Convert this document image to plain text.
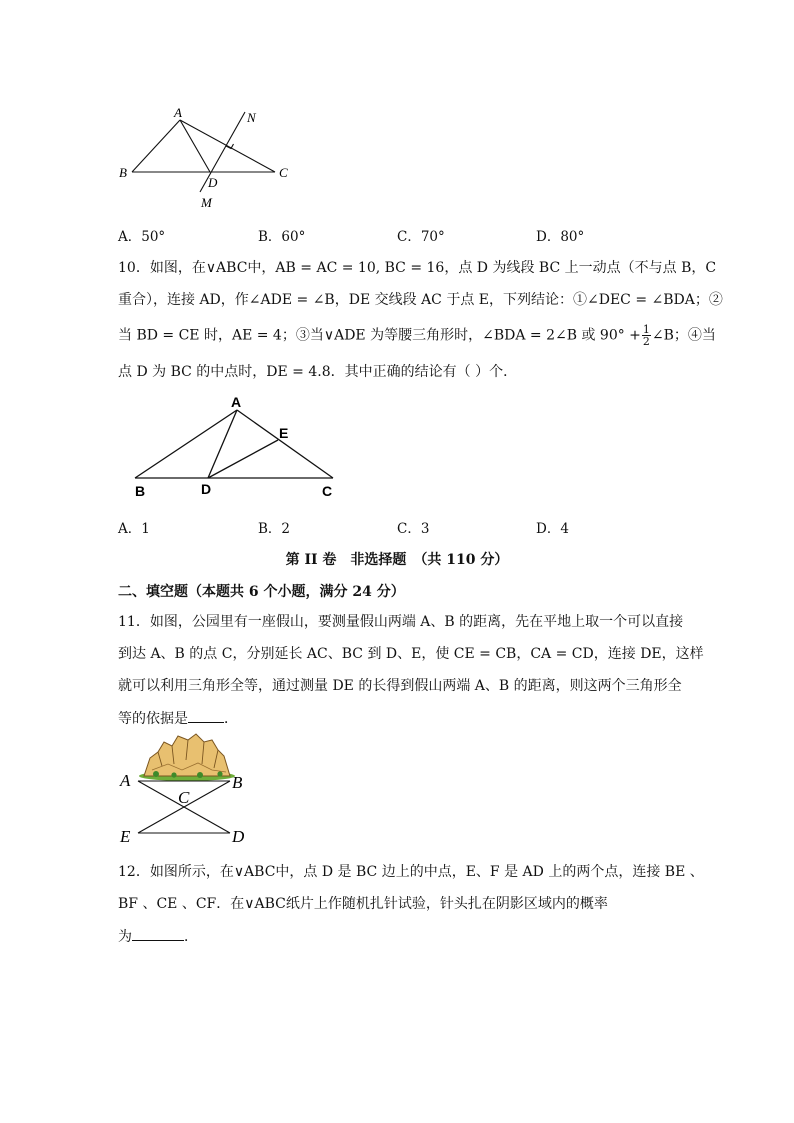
A
B	C
D
M
N
A．50°	B．60°	C．70°	D．80°
10．如图，在∨ABC中，AB = AC = 10, BC = 16，点 D 为线段 BC 上一动点（不与点 B，C
重合），连接 AD，作∠ADE = ∠B，DE 交线段 AC 于点 E，下列结论：①∠DEC = ∠BDA；②
当 BD = CE 时，AE = 4；③当∨ADE 为等腰三角形时，∠BDA = 2∠B 或 $90^\circ + \frac{1}{2}$ ∠B；④当
点 D 为 BC 的中点时，DE = 4.8．其中正确的结论有（ ）个．
A
E
B	D	C
A．1	B．2	C．3	D．4
第 II 卷　非选择题　（共 110 分）
二、填空题（本题共 6 个小题，满分 24 分）
11．如图，公园里有一座假山，要测量假山两端 A、B 的距离，先在平地上取一个可以直接
到达 A、B 的点 C，分别延长 AC、BC 到 D、E，使 CE = CB，CA = CD，连接 DE，这样
就可以利用三角形全等，通过测量 DE 的长得到假山两端 A、B 的距离，则这两个三角形全
等的依据是	．
A	B
C
E	D
12．如图所示，在∨ABC中，点 D 是 BC 边上的中点，E、F 是 AD 上的两个点，连接 BE 、
BF 、CE 、CF．在∨ABC纸片上作随机扎针试验，针头扎在阴影区域内的概率
为	．
